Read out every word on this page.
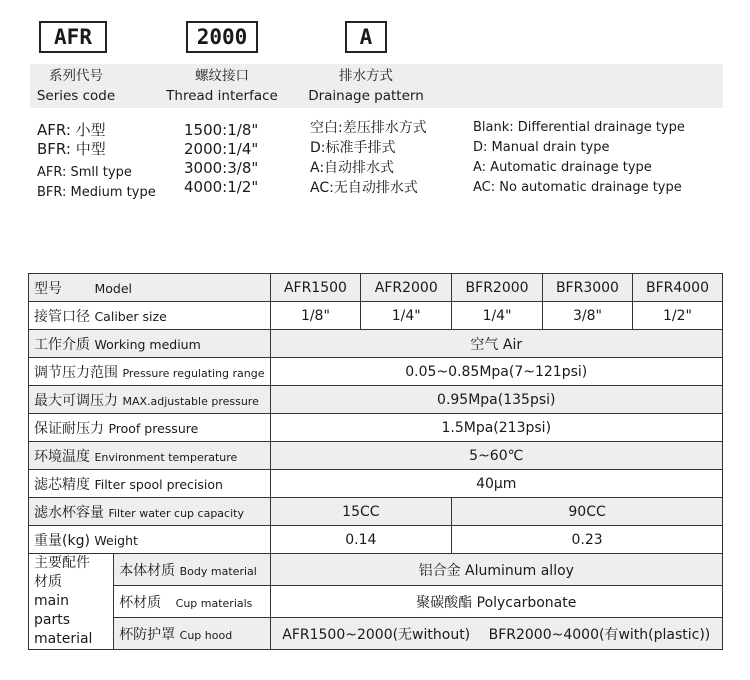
AFR	2000	A
系列代号
Series code
螺纹接口
Thread interface
排水方式
Drainage pattern
AFR: 小型
BFR: 中型
AFR: Smll type
BFR: Medium type
1500:1/8"
2000:1/4"
3000:3/8"
4000:1/2"
空白:差压排水方式
D:标准手排式
A:自动排水式
AC:无自动排水式
Blank: Differential drainage type
D: Manual drain type
A: Automatic drainage type
AC: No automatic drainage type
型号 Model		AFR1500	AFR2000	BFR2000	BFR3000	BFR4000
接管口径 Caliber size		1/8"	1/4"	1/4"	3/8"	1/2"
工作介质 Working medium		空气 Air				
调节压力范围 Pressure regulating range		0.05~0.85Mpa(7~121psi)				
最大可调压力 MAX.adjustable pressure		0.95Mpa(135psi)				
保证耐压力 Proof pressure		1.5Mpa(213psi)				
环境温度 Environment temperature		5~60℃				
滤芯精度 Filter spool precision		40μm				
滤水杯容量 Filter water cup capacity		15CC		90CC		
重量(kg) Weight		0.14		0.23		

主要配件
材质
main parts
material	本体材质 Body material	铝合金 Aluminum alloy				
	杯材质 Cup materials	聚碳酸酯 Polycarbonate				
	杯防护罩 Cup hood	AFR1500~2000(无without) BFR2000~4000(有with(plastic))				
